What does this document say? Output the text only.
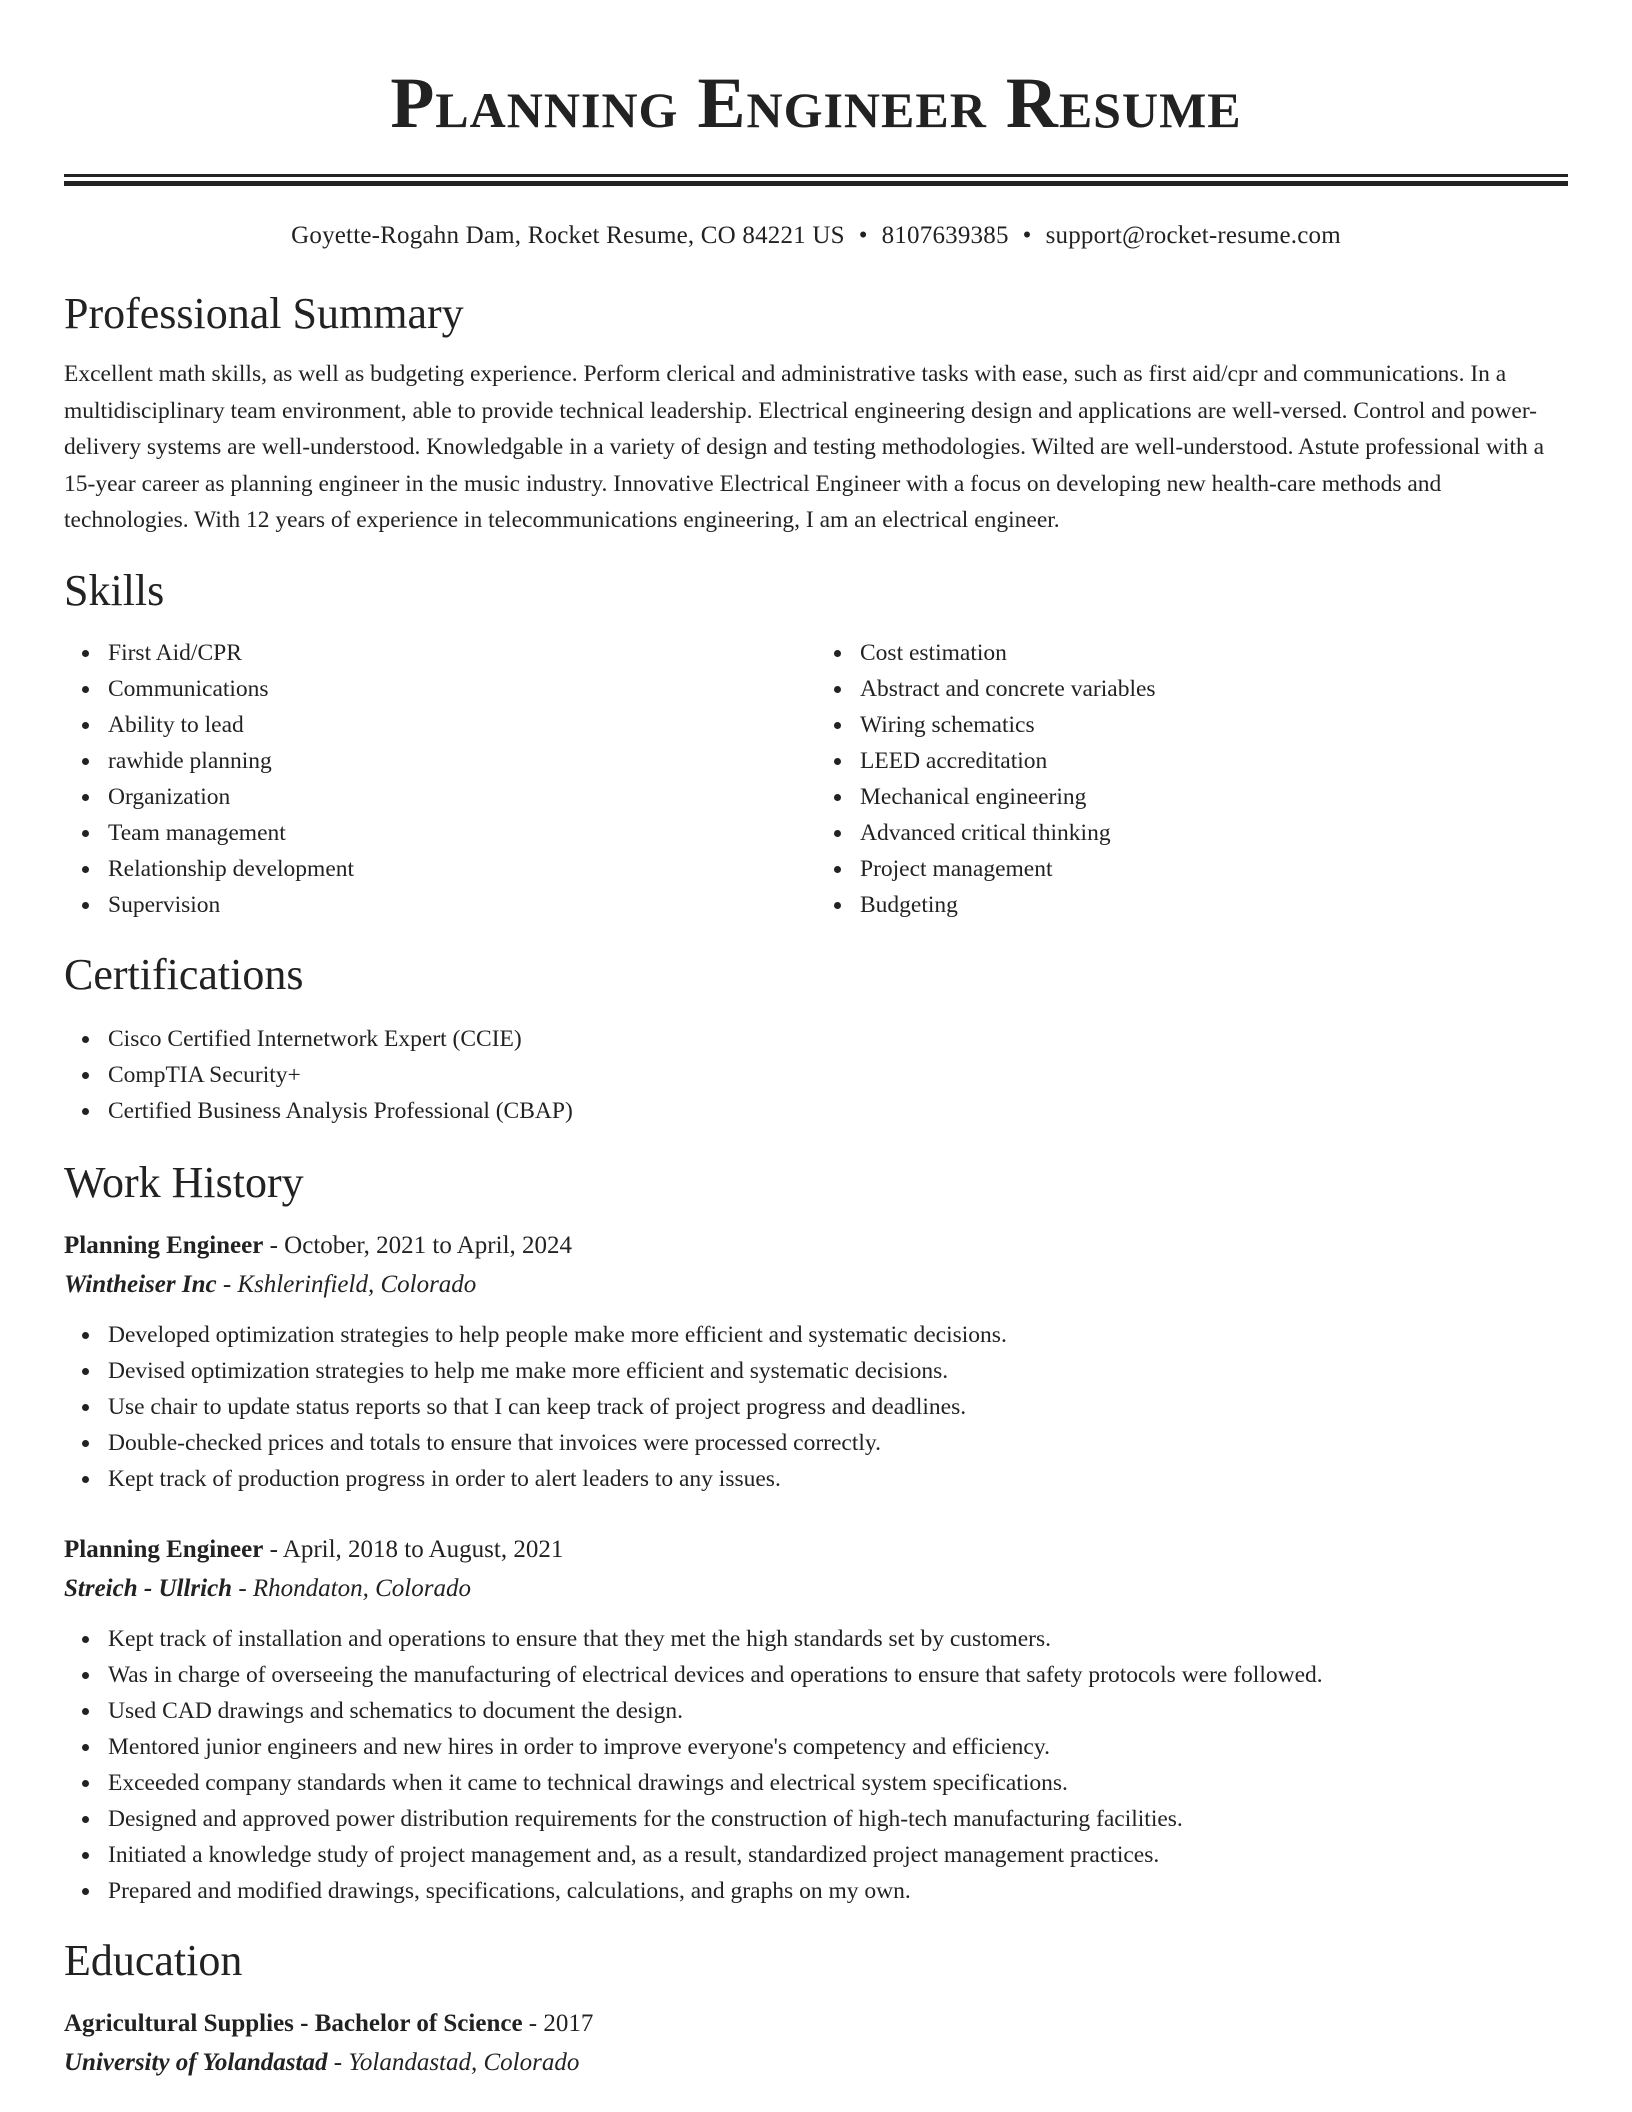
Planning Engineer Resume
Goyette-Rogahn Dam, Rocket Resume, CO 84221 US • 8107639385 • support@rocket-resume.com
Professional Summary

Excellent math skills, as well as budgeting experience. Perform clerical and administrative tasks with ease, such as first aid/cpr and communications. In a multidisciplinary team environment, able to provide technical leadership. Electrical engineering design and applications are well-versed. Control and power-delivery systems are well-understood. Knowledgable in a variety of design and testing methodologies. Wilted are well-understood. Astute professional with a 15-year career as planning engineer in the music industry. Innovative Electrical Engineer with a focus on developing new health-care methods and technologies. With 12 years of experience in telecommunications engineering, I am an electrical engineer.

Skills
First Aid/CPR
Communications
Ability to lead
rawhide planning
Organization
Team management
Relationship development
Supervision
Cost estimation
Abstract and concrete variables
Wiring schematics
LEED accreditation
Mechanical engineering
Advanced critical thinking
Project management
Budgeting
Certifications
Cisco Certified Internetwork Expert (CCIE)
CompTIA Security+
Certified Business Analysis Professional (CBAP)
Work History
Planning Engineer - October, 2021 to April, 2024
Wintheiser Inc - Kshlerinfield, Colorado
Developed optimization strategies to help people make more efficient and systematic decisions.
Devised optimization strategies to help me make more efficient and systematic decisions.
Use chair to update status reports so that I can keep track of project progress and deadlines.
Double-checked prices and totals to ensure that invoices were processed correctly.
Kept track of production progress in order to alert leaders to any issues.
Planning Engineer - April, 2018 to August, 2021
Streich - Ullrich - Rhondaton, Colorado
Kept track of installation and operations to ensure that they met the high standards set by customers.
Was in charge of overseeing the manufacturing of electrical devices and operations to ensure that safety protocols were followed.
Used CAD drawings and schematics to document the design.
Mentored junior engineers and new hires in order to improve everyone's competency and efficiency.
Exceeded company standards when it came to technical drawings and electrical system specifications.
Designed and approved power distribution requirements for the construction of high-tech manufacturing facilities.
Initiated a knowledge study of project management and, as a result, standardized project management practices.
Prepared and modified drawings, specifications, calculations, and graphs on my own.
Education
Agricultural Supplies - Bachelor of Science - 2017
University of Yolandastad - Yolandastad, Colorado
